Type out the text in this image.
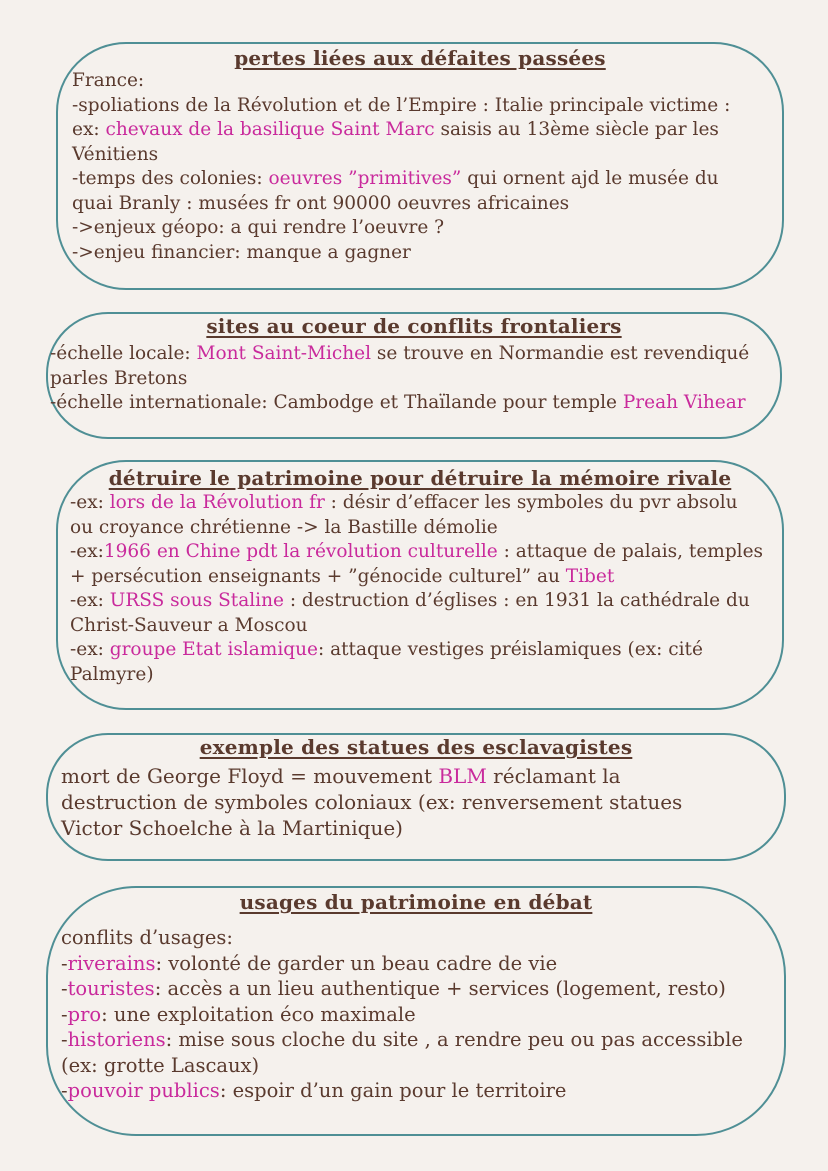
pertes liées aux défaites passées
France:
-spoliations de la Révolution et de l’Empire : Italie principale victime :
ex: chevaux de la basilique Saint Marc saisis au 13ème siècle par les
Vénitiens
-temps des colonies: oeuvres ”primitives” qui ornent ajd le musée du
quai Branly : musées fr ont 90000 oeuvres africaines
->enjeux géopo: a qui rendre l’oeuvre ?
->enjeu financier: manque a gagner
sites au coeur de conflits frontaliers
-échelle locale: Mont Saint-Michel se trouve en Normandie est revendiqué
parles Bretons
-échelle internationale: Cambodge et Thaïlande pour temple Preah Vihear
détruire le patrimoine pour détruire la mémoire rivale
-ex: lors de la Révolution fr : désir d’effacer les symboles du pvr absolu
ou croyance chrétienne -> la Bastille démolie
-ex:1966 en Chine pdt la révolution culturelle : attaque de palais, temples
+ persécution enseignants + ”génocide culturel” au Tibet
-ex: URSS sous Staline : destruction d’églises : en 1931 la cathédrale du
Christ-Sauveur a Moscou
-ex: groupe Etat islamique: attaque vestiges préislamiques (ex: cité
Palmyre)
exemple des statues des esclavagistes
mort de George Floyd = mouvement BLM réclamant la
destruction de symboles coloniaux (ex: renversement statues
Victor Schoelche à la Martinique)
usages du patrimoine en débat
conflits d’usages:
-riverains: volonté de garder un beau cadre de vie
-touristes: accès a un lieu authentique + services (logement, resto)
-pro: une exploitation éco maximale
-historiens: mise sous cloche du site , a rendre peu ou pas accessible
(ex: grotte Lascaux)
-pouvoir publics: espoir d’un gain pour le territoire
